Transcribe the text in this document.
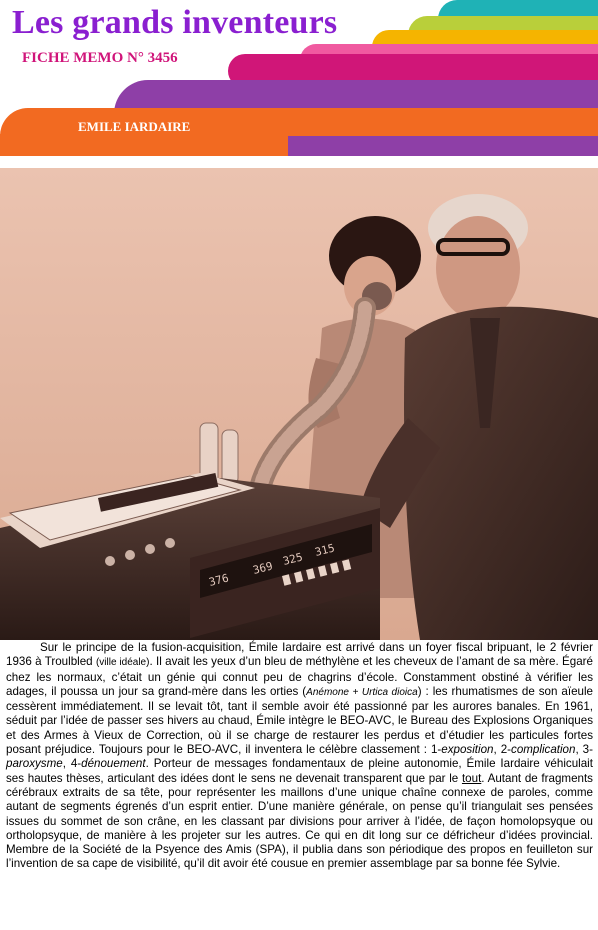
Les grands inventeurs
FICHE MEMO N° 3456
EMILE IARDAIRE
376
369
325
315

Sur le principe de la fusion-acquisition, Émile Iardaire est arrivé dans un foyer fiscal bripuant, le 2 février 1936 à Troulbled (ville idéale). Il avait les yeux d’un bleu de méthylène et les cheveux de l’amant de sa mère. Égaré chez les normaux, c’était un génie qui connut peu de chagrins d’école. Constamment obstiné à vérifier les adages, il poussa un jour sa grand-mère dans les orties (Anémone + Urtica dioica) : les rhumatismes de son aïeule cessèrent immédiatement. Il se levait tôt, tant il semble avoir été passionné par les aurores banales. En 1961, séduit par l’idée de passer ses hivers au chaud, Émile intègre le BEO-AVC, le Bureau des Explosions Organiques et des Armes à Vieux de Correction, où il se charge de restaurer les perdus et d’étudier les particules fortes posant préjudice. Toujours pour le BEO-AVC, il inventera le célèbre classement : 1-exposition, 2-complication, 3-paroxysme, 4-dénouement. Porteur de messages fondamentaux de pleine autonomie, Émile Iardaire véhiculait ses hautes thèses, articulant des idées dont le sens ne devenait transparent que par le tout. Autant de fragments cérébraux extraits de sa tête, pour représenter les maillons d’une unique chaîne connexe de paroles, comme autant de segments égrenés d’un esprit entier. D’une manière générale, on pense qu’il triangulait ses pensées issues du sommet de son crâne, en les classant par divisions pour arriver à l’idée, de façon homolopsyque ou ortholopsyque, de manière à les projeter sur les autres. Ce qui en dit long sur ce défricheur d’idées provincial. Membre de la Société de la Psyence des Amis (SPA), il publia dans son périodique des propos en feuilleton sur l’invention de sa cape de visibilité, qu’il dit avoir été cousue en premier assemblage par sa bonne fée Sylvie.
